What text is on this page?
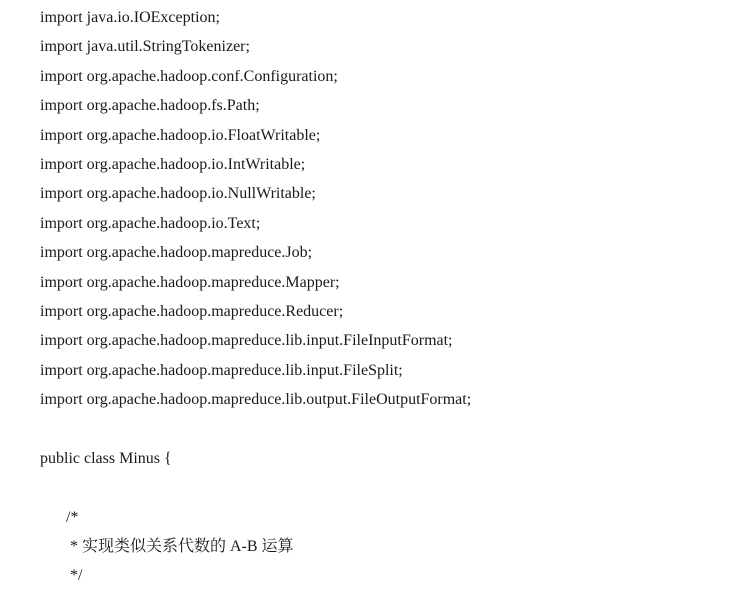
import java.io.IOException;
import java.util.StringTokenizer;
import org.apache.hadoop.conf.Configuration;
import org.apache.hadoop.fs.Path;
import org.apache.hadoop.io.FloatWritable;
import org.apache.hadoop.io.IntWritable;
import org.apache.hadoop.io.NullWritable;
import org.apache.hadoop.io.Text;
import org.apache.hadoop.mapreduce.Job;
import org.apache.hadoop.mapreduce.Mapper;
import org.apache.hadoop.mapreduce.Reducer;
import org.apache.hadoop.mapreduce.lib.input.FileInputFormat;
import org.apache.hadoop.mapreduce.lib.input.FileSplit;
import org.apache.hadoop.mapreduce.lib.output.FileOutputFormat;
public class Minus {
/*
* 实现类似关系代数的 A-B 运算
*/
